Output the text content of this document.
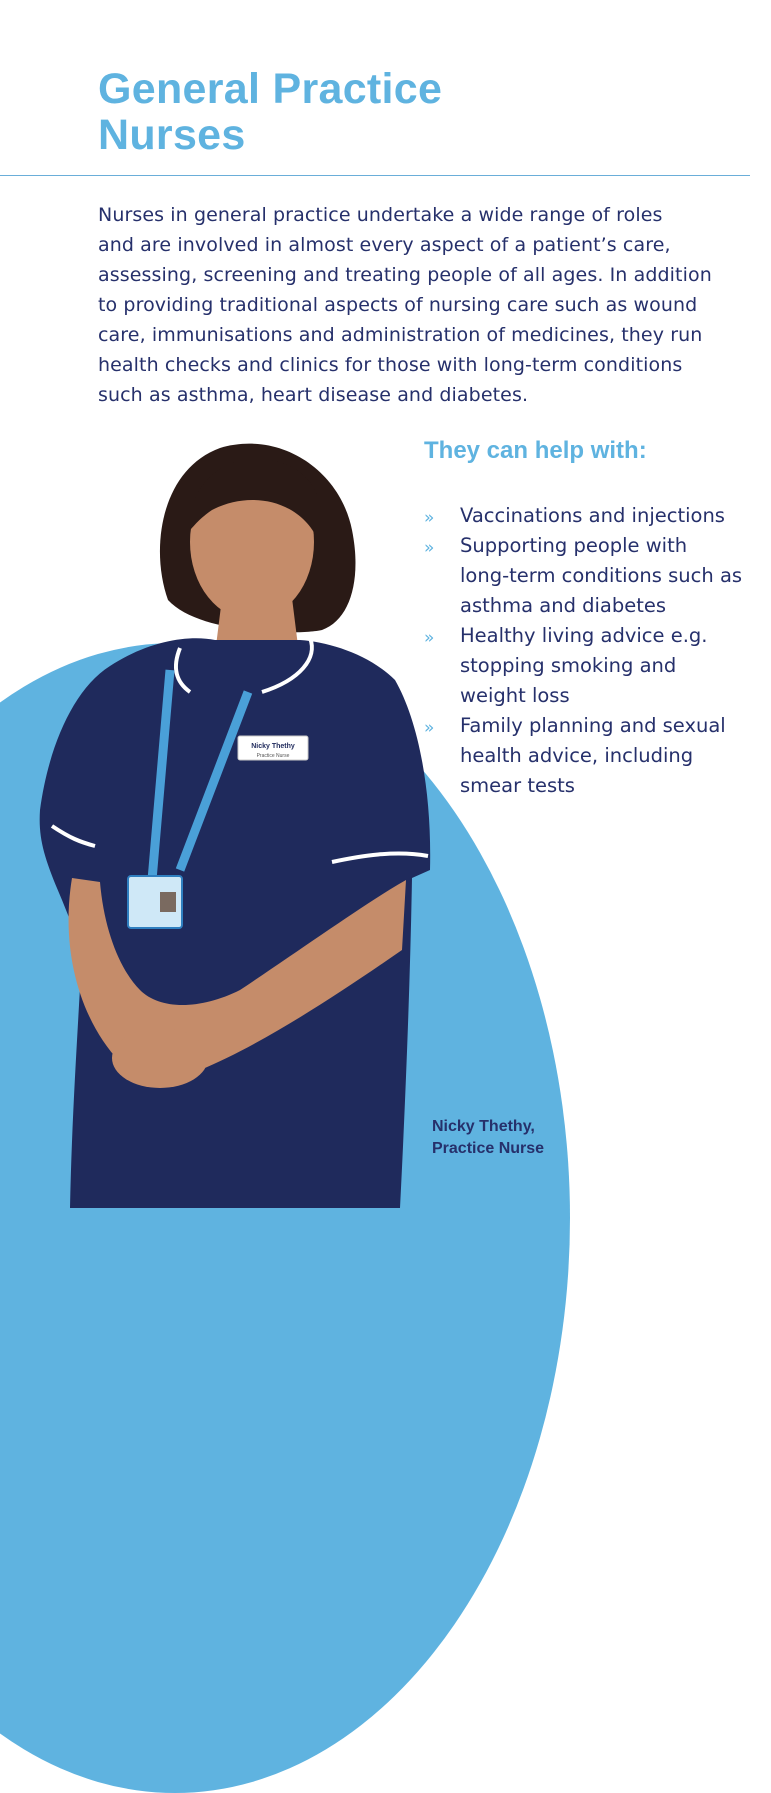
General Practice
Nurses

Nurses in general practice undertake a wide range of roles
and are involved in almost every aspect of a patient’s care,
assessing, screening and treating people of all ages. In addition
to providing traditional aspects of nursing care such as wound
care, immunisations and administration of medicines, they run
health checks and clinics for those with long-term conditions
such as asthma, heart disease and diabetes.

Nicky Thethy
Practice Nurse
They can help with:
» Vaccinations and injections
» Supporting people with
long-term conditions such as
asthma and diabetes
» Healthy living advice e.g.
stopping smoking and
weight loss
» Family planning and sexual
health advice, including
smear tests

Nicky Thethy,
Practice Nurse
